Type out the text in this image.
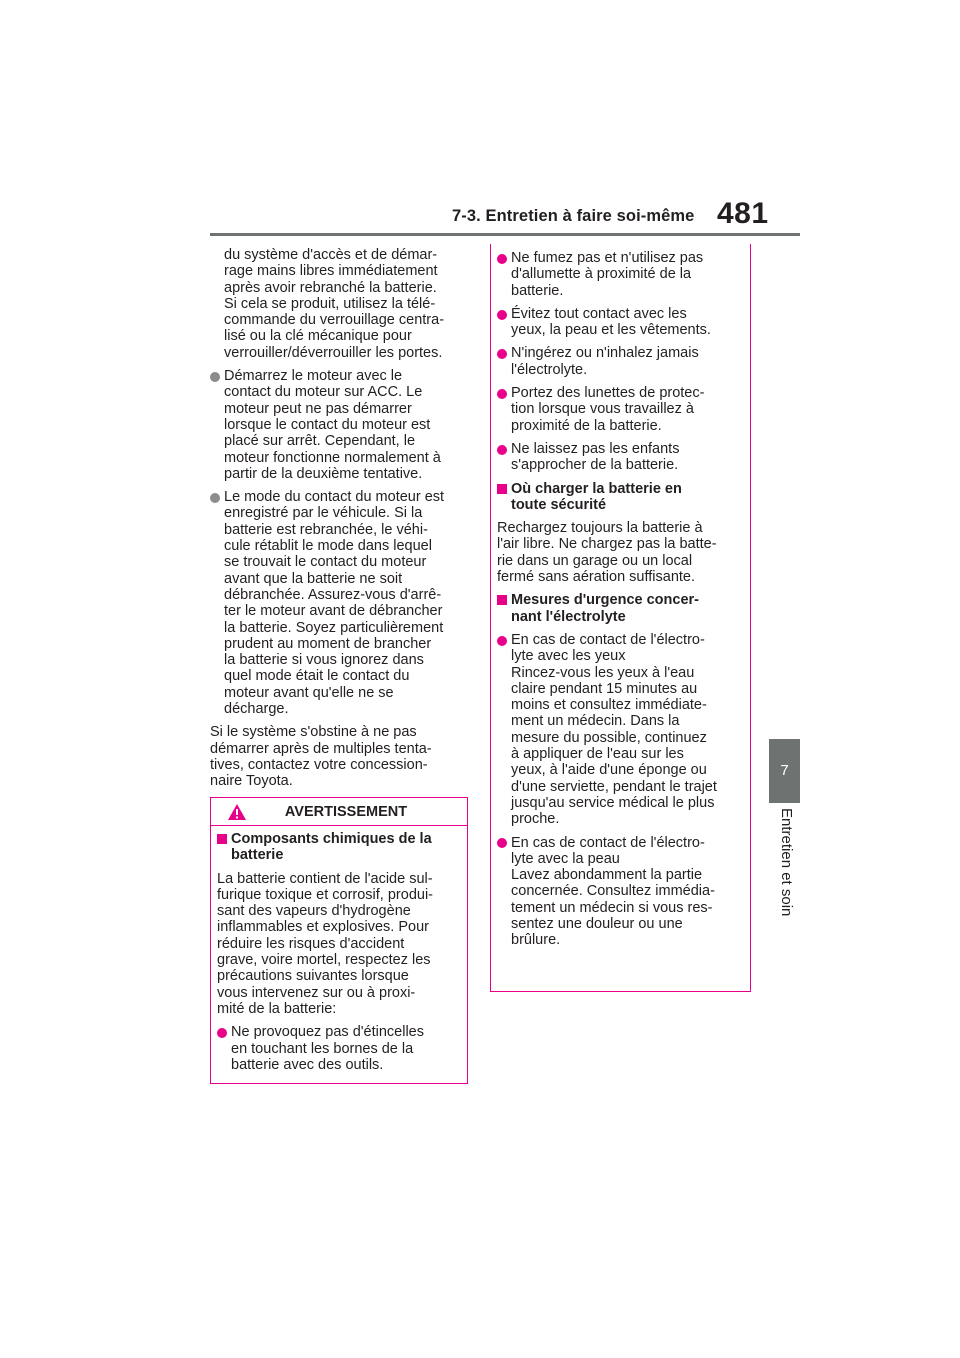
7-3. Entretien à faire soi-même 481
7
Entretien et soin

du système d'accès et de démar-

rage mains libres immédiatement

après avoir rebranché la batterie.

Si cela se produit, utilisez la télé-

commande du verrouillage centra-

lisé ou la clé mécanique pour

verrouiller/déverrouiller les portes.

Démarrez le moteur avec le

contact du moteur sur ACC. Le

moteur peut ne pas démarrer

lorsque le contact du moteur est

placé sur arrêt. Cependant, le

moteur fonctionne normalement à

partir de la deuxième tentative.

Le mode du contact du moteur est

enregistré par le véhicule. Si la

batterie est rebranchée, le véhi-

cule rétablit le mode dans lequel

se trouvait le contact du moteur

avant que la batterie ne soit

débranchée. Assurez-vous d'arrê-

ter le moteur avant de débrancher

la batterie. Soyez particulièrement

prudent au moment de brancher

la batterie si vous ignorez dans

quel mode était le contact du

moteur avant qu'elle ne se

décharge.

Si le système s'obstine à ne pas

démarrer après de multiples tenta-

tives, contactez votre concession-

naire Toyota.

AVERTISSEMENT

Composants chimiques de la

batterie

La batterie contient de l'acide sul-

furique toxique et corrosif, produi-

sant des vapeurs d'hydrogène

inflammables et explosives. Pour

réduire les risques d'accident

grave, voire mortel, respectez les

précautions suivantes lorsque

vous intervenez sur ou à proxi-

mité de la batterie:

Ne provoquez pas d'étincelles

en touchant les bornes de la

batterie avec des outils.

Ne fumez pas et n'utilisez pas

d'allumette à proximité de la

batterie.

Évitez tout contact avec les

yeux, la peau et les vêtements.

N'ingérez ou n'inhalez jamais

l'électrolyte.

Portez des lunettes de protec-

tion lorsque vous travaillez à

proximité de la batterie.

Ne laissez pas les enfants

s'approcher de la batterie.

Où charger la batterie en

toute sécurité

Rechargez toujours la batterie à

l'air libre. Ne chargez pas la batte-

rie dans un garage ou un local

fermé sans aération suffisante.

Mesures d'urgence concer-

nant l'électrolyte

En cas de contact de l'électro-

lyte avec les yeux

Rincez-vous les yeux à l'eau

claire pendant 15 minutes au

moins et consultez immédiate-

ment un médecin. Dans la

mesure du possible, continuez

à appliquer de l'eau sur les

yeux, à l'aide d'une éponge ou

d'une serviette, pendant le trajet

jusqu'au service médical le plus

proche.

En cas de contact de l'électro-

lyte avec la peau

Lavez abondamment la partie

concernée. Consultez immédia-

tement un médecin si vous res-

sentez une douleur ou une

brûlure.
